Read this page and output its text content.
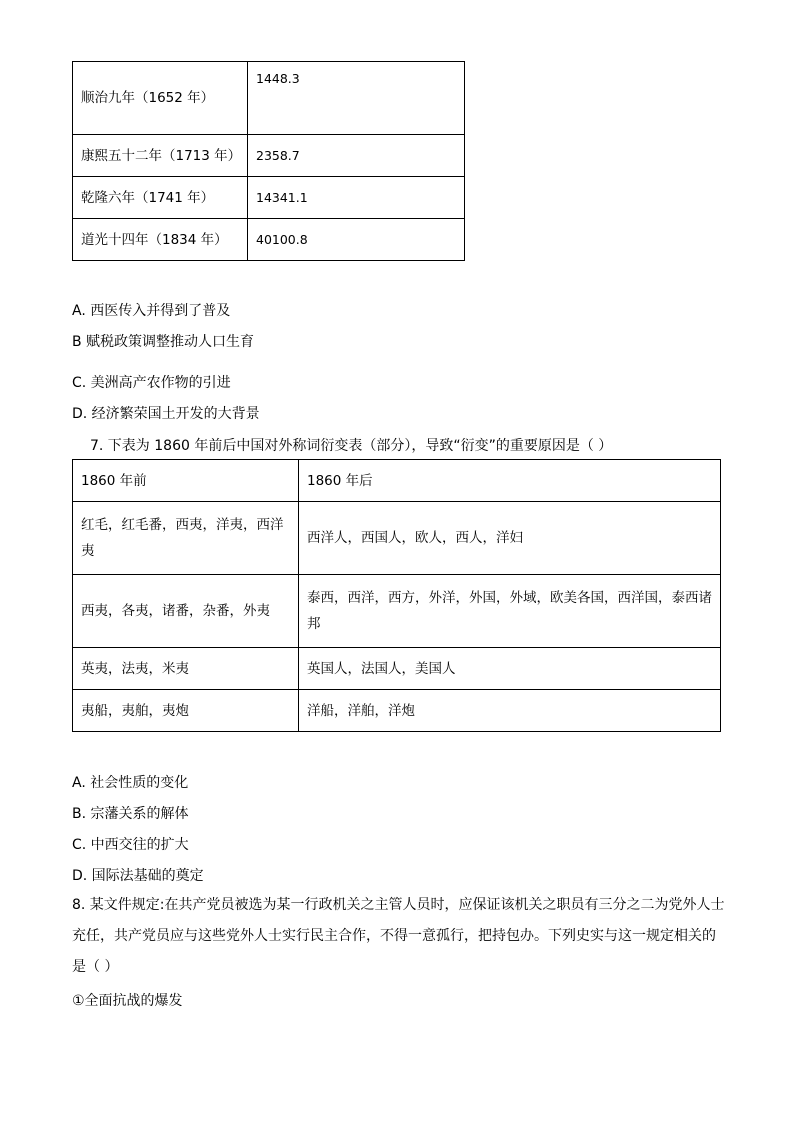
顺治九年（1652 年）	1448.3
康熙五十二年（1713 年）	2358.7
乾隆六年（1741 年）	14341.1
道光十四年（1834 年）	40100.8
A. 西医传入并得到了普及
B 赋税政策调整推动人口生育
C. 美洲高产农作物的引进
D. 经济繁荣国土开发的大背景
7. 下表为 1860 年前后中国对外称词衍变表（部分），导致“衍变”的重要原因是（ ）
1860 年前	1860 年后
红毛，红毛番，西夷，洋夷，西洋夷	西洋人，西国人，欧人，西人，洋妇
西夷，各夷，诸番，杂番，外夷	泰西，西洋，西方，外洋，外国，外域，欧美各国，西洋国，泰西诸邦
英夷，法夷，米夷	英国人，法国人，美国人
夷船，夷舶，夷炮	洋船，洋舶，洋炮
A. 社会性质的变化
B. 宗藩关系的解体
C. 中西交往的扩大
D. 国际法基础的奠定
8. 某文件规定:在共产党员被选为某一行政机关之主管人员时，应保证该机关之职员有三分之二为党外人士充任，共产党员应与这些党外人士实行民主合作，不得一意孤行，把持包办。下列史实与这一规定相关的是（ ）
①全面抗战的爆发
